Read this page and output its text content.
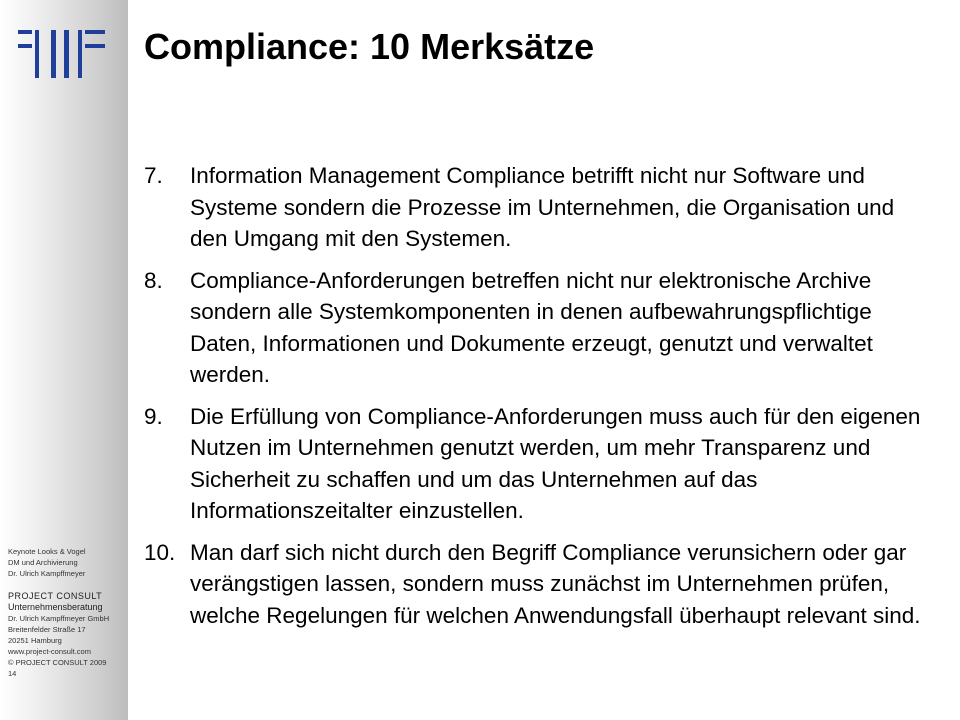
Keynote Looks & Vogel
DM und Archivierung
Dr. Ulrich Kampffmeyer
PROJECT CONSULT
Unternehmensberatung
Dr. Ulrich Kampffmeyer GmbH
Breitenfelder Straße 17
20251 Hamburg
www.project-consult.com
© PROJECT CONSULT 2009
14
Compliance: 10 Merksätze
7. Information Management Compliance betrifft nicht nur Software und Systeme sondern die Prozesse im Unternehmen, die Organisation und den Umgang mit den Systemen.
8. Compliance-Anforderungen betreffen nicht nur elektronische Archive sondern alle Systemkomponenten in denen aufbewahrungspflichtige Daten, Informationen und Dokumente erzeugt, genutzt und verwaltet werden.
9. Die Erfüllung von Compliance-Anforderungen muss auch für den eigenen Nutzen im Unternehmen genutzt werden, um mehr Transparenz und Sicherheit zu schaffen und um das Unternehmen auf das Informationszeitalter einzustellen.
10. Man darf sich nicht durch den Begriff Compliance verunsichern oder gar verängstigen lassen, sondern muss zunächst im Unternehmen prüfen, welche Regelungen für welchen Anwendungsfall überhaupt relevant sind.
